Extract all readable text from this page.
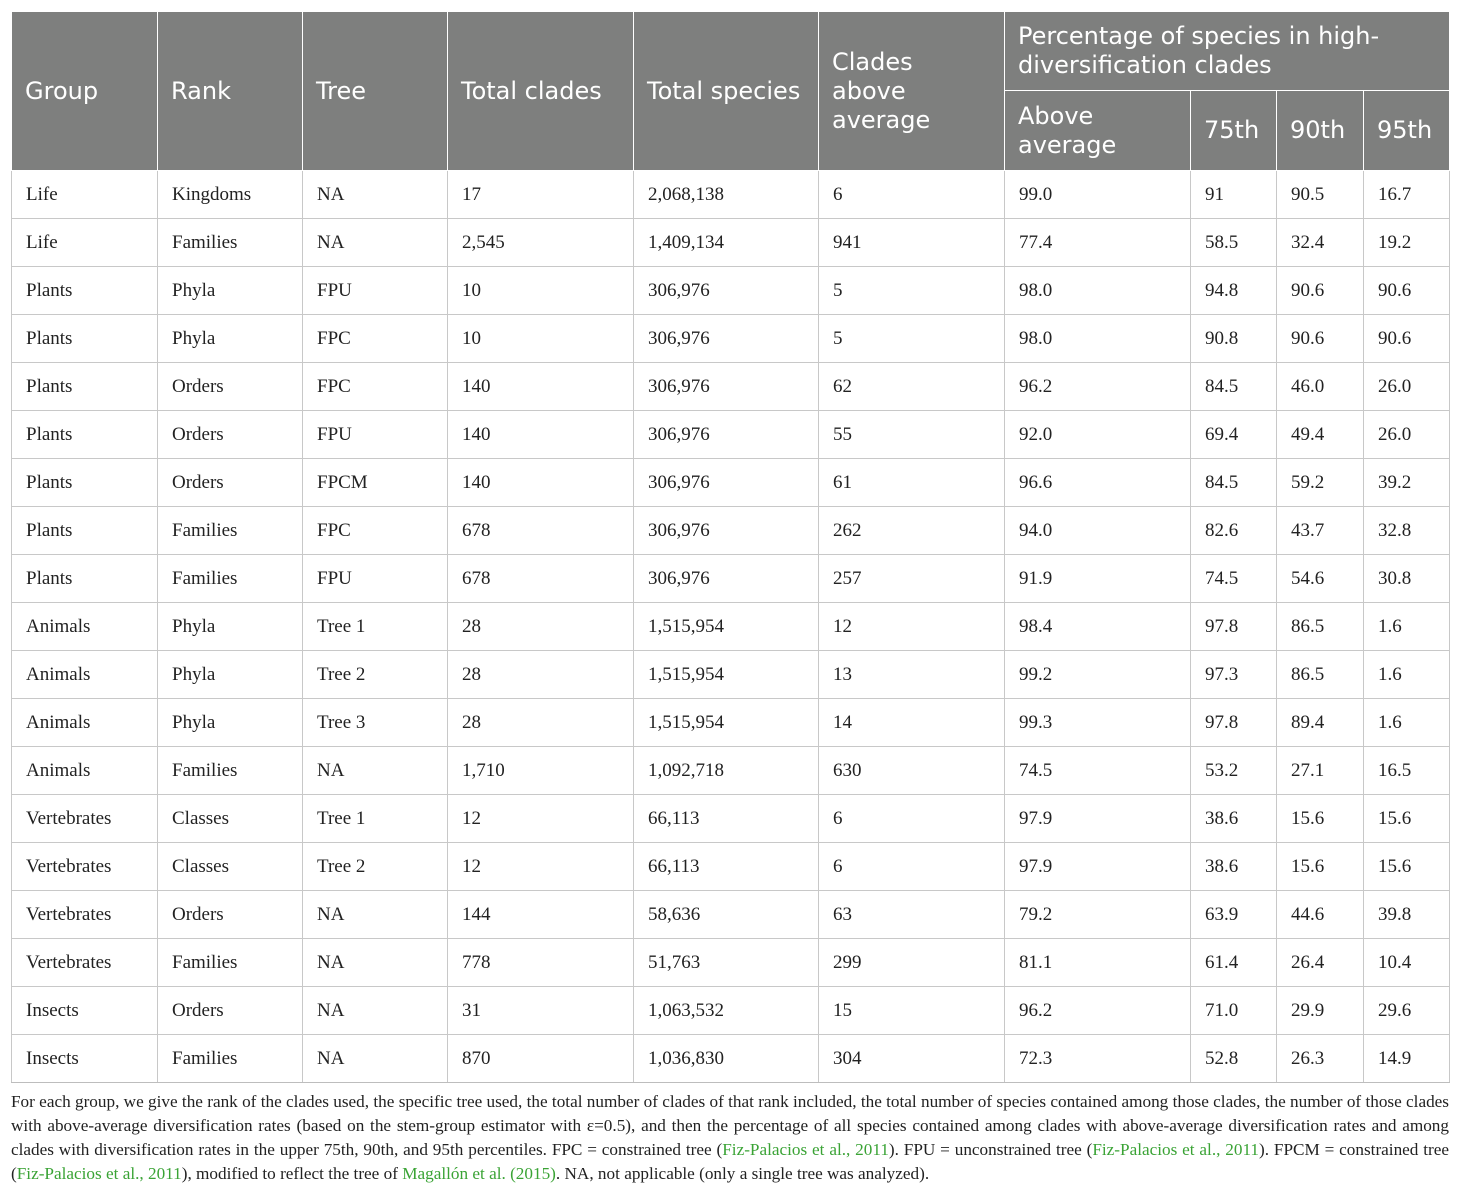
Group	Rank	Tree	Total clades	Total species	Clades above average	Percentage of species in high-diversification clades			
						Above average	75th	90th	95th
Life	Kingdoms	NA	17	2,068,138	6	99.0	91	90.5	16.7
Life	Families	NA	2,545	1,409,134	941	77.4	58.5	32.4	19.2
Plants	Phyla	FPU	10	306,976	5	98.0	94.8	90.6	90.6
Plants	Phyla	FPC	10	306,976	5	98.0	90.8	90.6	90.6
Plants	Orders	FPC	140	306,976	62	96.2	84.5	46.0	26.0
Plants	Orders	FPU	140	306,976	55	92.0	69.4	49.4	26.0
Plants	Orders	FPCM	140	306,976	61	96.6	84.5	59.2	39.2
Plants	Families	FPC	678	306,976	262	94.0	82.6	43.7	32.8
Plants	Families	FPU	678	306,976	257	91.9	74.5	54.6	30.8
Animals	Phyla	Tree 1	28	1,515,954	12	98.4	97.8	86.5	1.6
Animals	Phyla	Tree 2	28	1,515,954	13	99.2	97.3	86.5	1.6
Animals	Phyla	Tree 3	28	1,515,954	14	99.3	97.8	89.4	1.6
Animals	Families	NA	1,710	1,092,718	630	74.5	53.2	27.1	16.5
Vertebrates	Classes	Tree 1	12	66,113	6	97.9	38.6	15.6	15.6
Vertebrates	Classes	Tree 2	12	66,113	6	97.9	38.6	15.6	15.6
Vertebrates	Orders	NA	144	58,636	63	79.2	63.9	44.6	39.8
Vertebrates	Families	NA	778	51,763	299	81.1	61.4	26.4	10.4
Insects	Orders	NA	31	1,063,532	15	96.2	71.0	29.9	29.6
Insects	Families	NA	870	1,036,830	304	72.3	52.8	26.3	14.9
For each group, we give the rank of the clades used, the specific tree used, the total number of clades of that rank included, the total number of species contained among those clades, the number of those clades with above-average diversification rates (based on the stem-group estimator with ε=0.5), and then the percentage of all species contained among clades with above-average diversification rates and among clades with diversification rates in the upper 75th, 90th, and 95th percentiles. FPC = constrained tree (Fiz-Palacios et al., 2011). FPU = unconstrained tree (Fiz-Palacios et al., 2011). FPCM = constrained tree (Fiz-Palacios et al., 2011), modified to reflect the tree of Magallón et al. (2015). NA, not applicable (only a single tree was analyzed).
